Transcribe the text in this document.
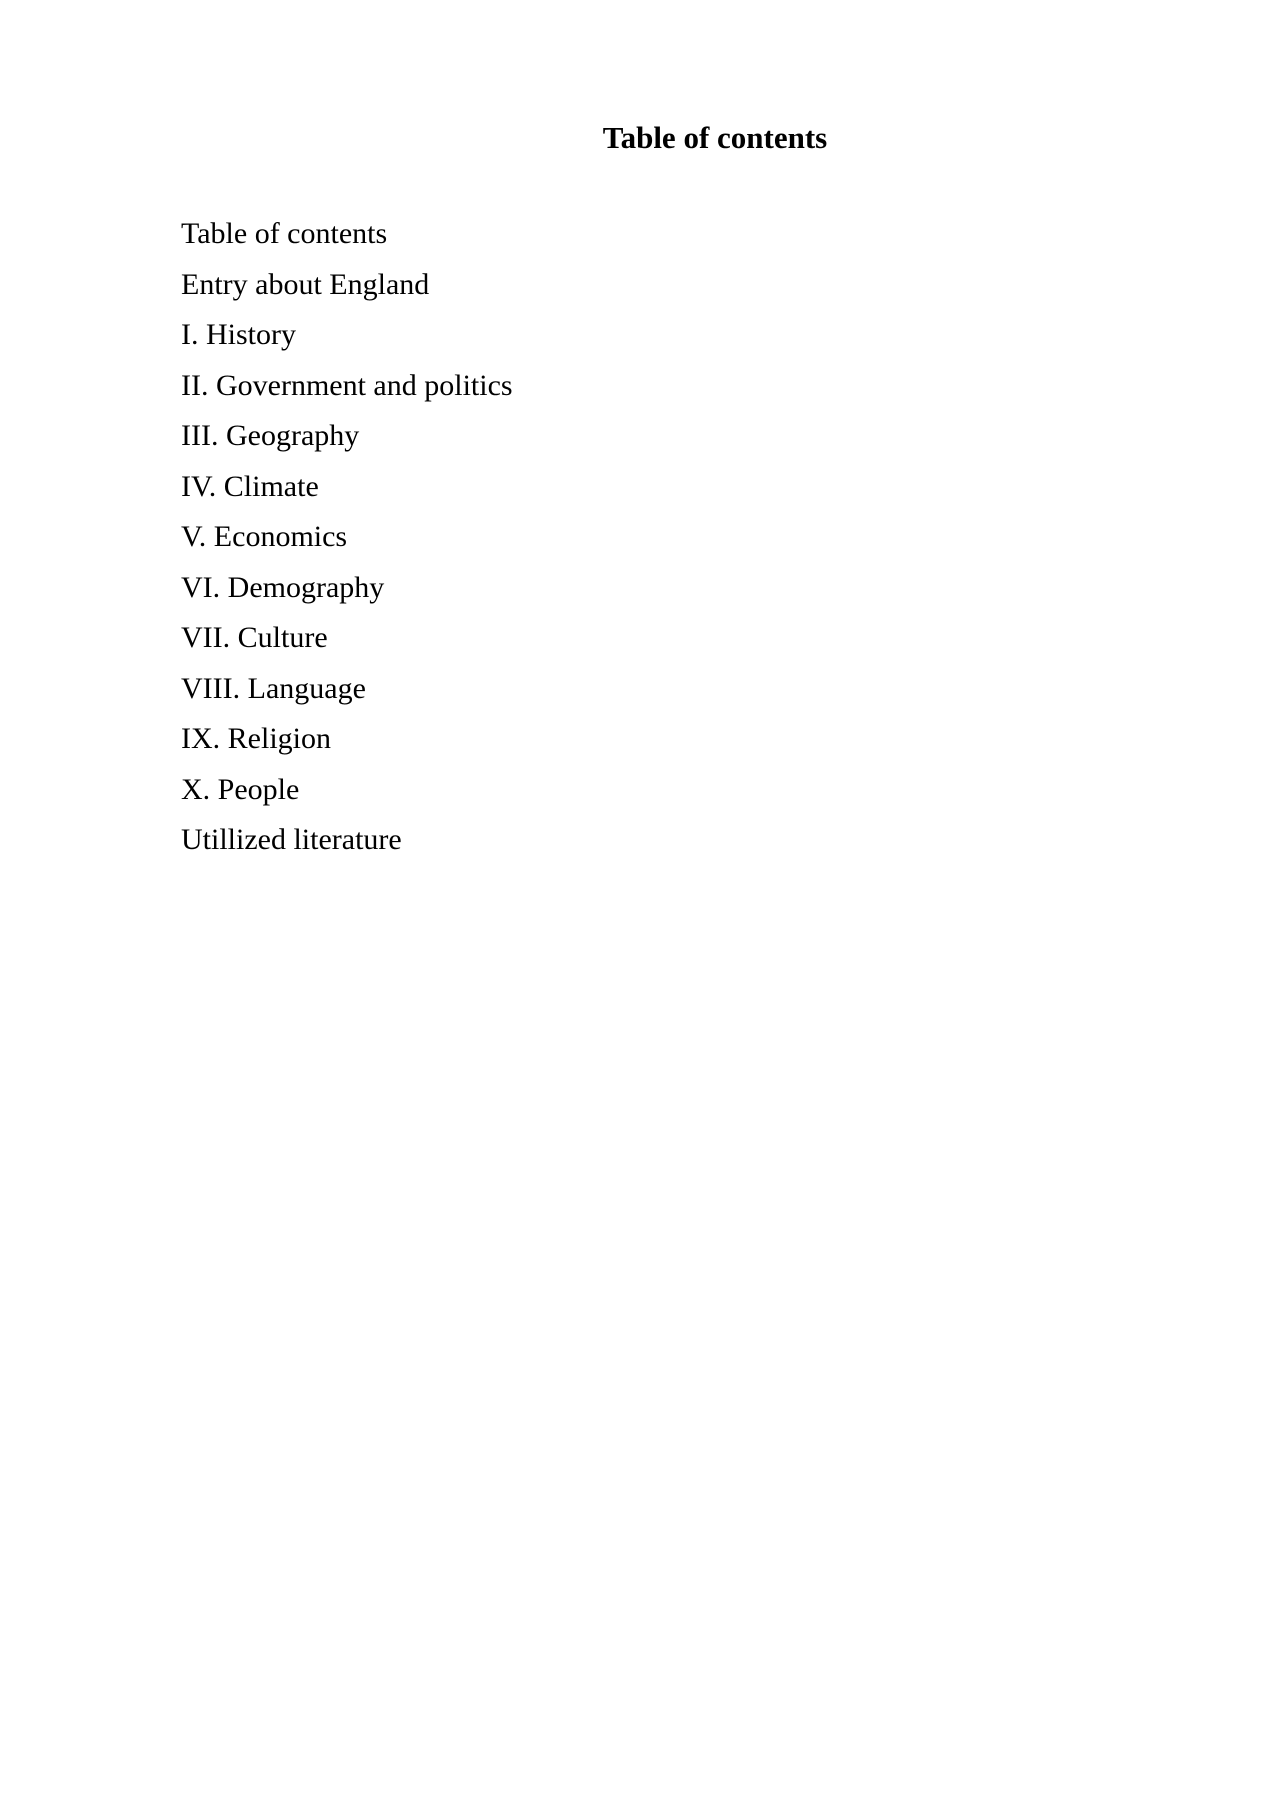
Table of contents
Table of contents
Entry about England
I. History
II. Government and politics
III. Geography
IV. Climate
V. Economics
VI. Demography
VII. Culture
VIII. Language
IX. Religion
X. People
Utillized literature
